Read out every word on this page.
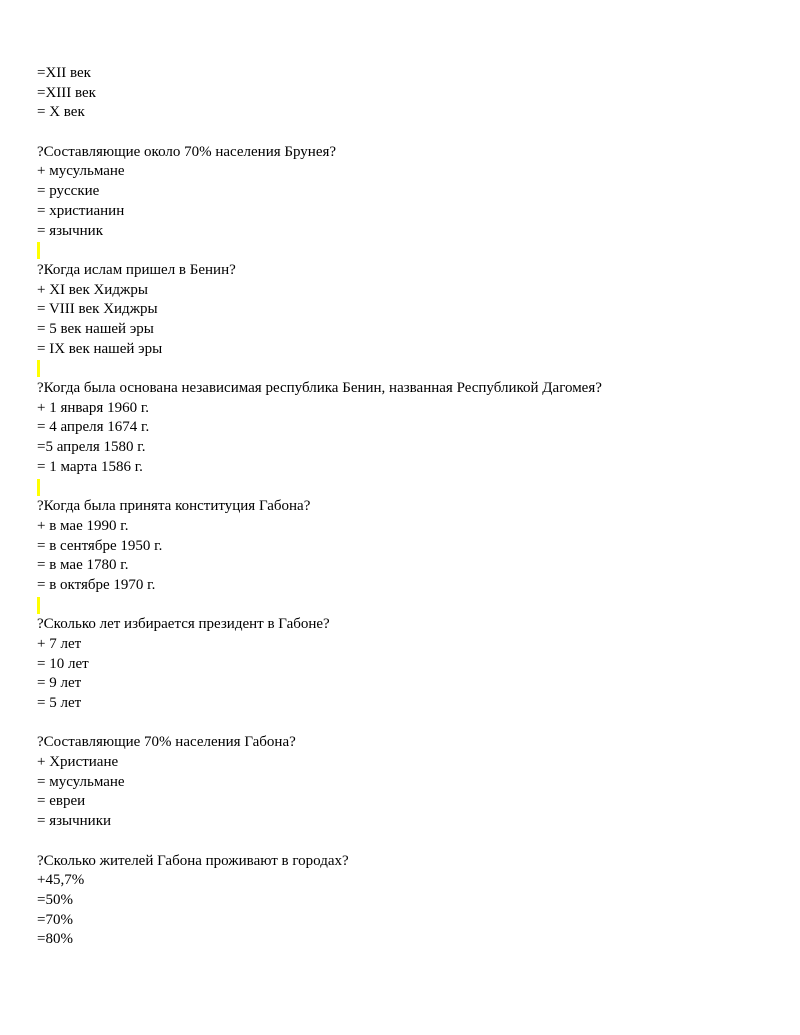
=XII век
=XIII век
= X век
?Составляющие около 70% населения Брунея?
+ мусульмане
= русские
= христианин
= язычник
?Когда ислам пришел в Бенин?
+ XI век Хиджры
= VIII век Хиджры
= 5 век нашей эры
= IX век нашей эры
?Когда была основана независимая республика Бенин, названная Республикой Дагомея?
+ 1 января 1960 г.
= 4 апреля 1674 г.
=5 апреля 1580 г.
= 1 марта 1586 г.
?Когда была принята конституция Габона?
+ в мае 1990 г.
= в сентябре 1950 г.
= в мае 1780 г.
= в октябре 1970 г.
?Сколько лет избирается президент в Габоне?
+ 7 лет
= 10 лет
= 9 лет
= 5 лет
?Составляющие 70% населения Габона?
+ Христиане
= мусульмане
= евреи
= язычники
?Сколько жителей Габона проживают в городах?
+45,7%
=50%
=70%
=80%
